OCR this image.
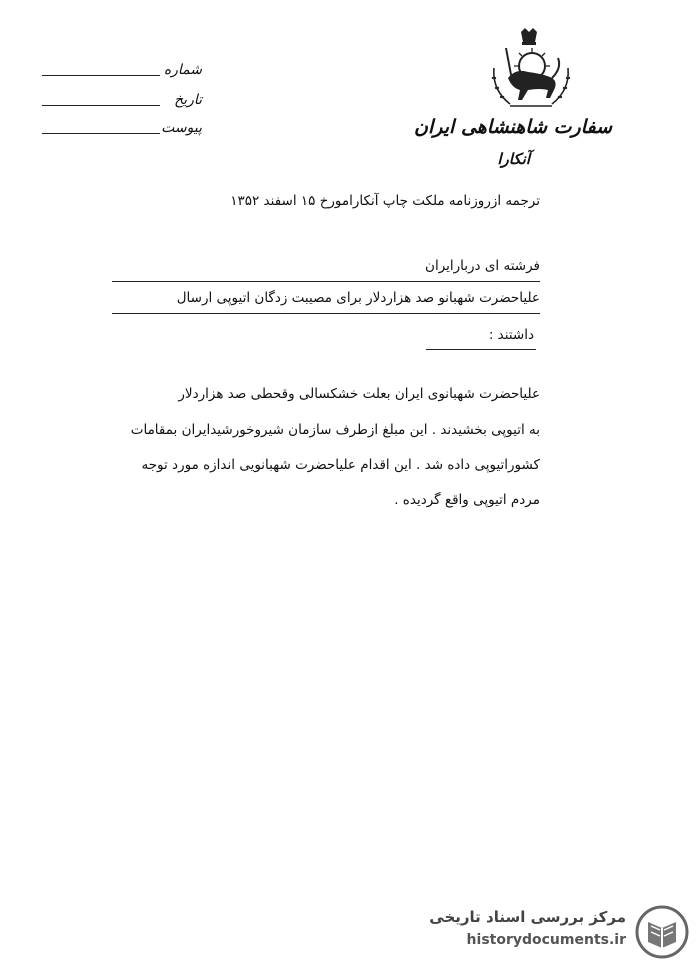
شماره
تاریخ
پیوست	سفارت شاهنشاهی ایران
آنکارا
ترجمه ازروزنامه ملکت چاپ آنکارامورخ ۱۵ اسفند ۱۳۵۲
فرشته ای دربارایران
علیاحضرت شهبانو صد هزاردلار برای مصیبت زدگان اتیوپی ارسال
داشتند :
علیاحضرت شهبانوی ایران بعلت خشکسالی وقحطی صد هزاردلار
به اتیوپی بخشیدند . این مبلغ ازطرف سازمان شیروخورشیدایران بمقامات
کشوراتیوپی داده شد . این اقدام علیاحضرت شهبانویی اندازه مورد توجه
مردم اتیوپی واقع گردیده .
مرکز بررسی اسناد تاریخی
historydocuments.ir
